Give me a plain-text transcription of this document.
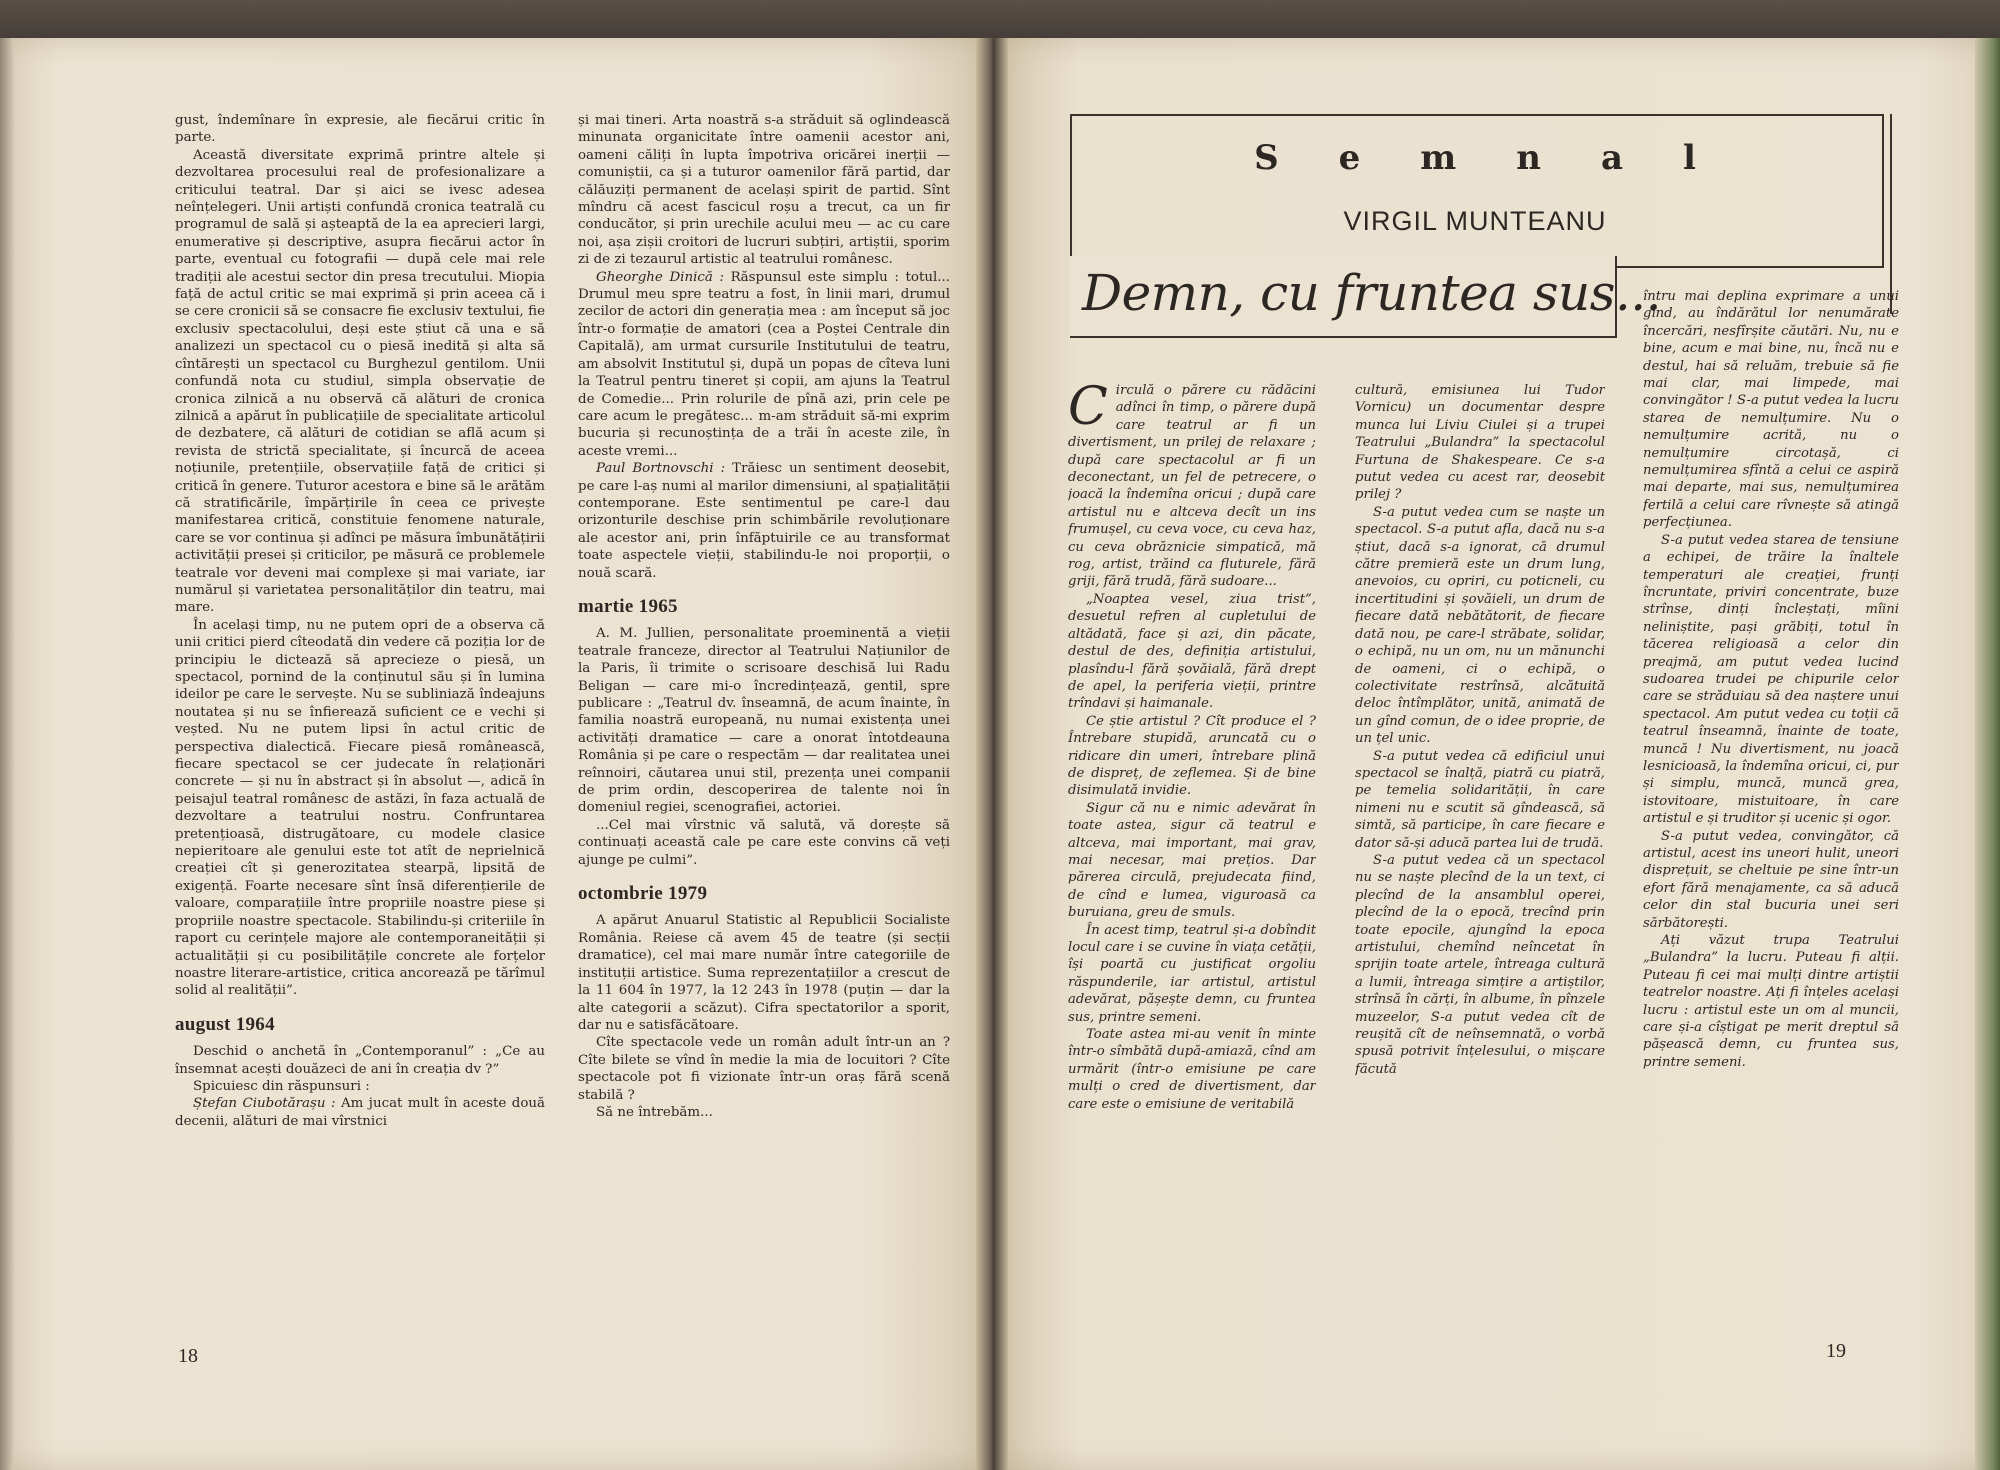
gust, îndemînare în expresie, ale fiecărui critic în parte.

Această diversitate exprimă printre altele și dezvoltarea procesului real de profesionalizare a criticului teatral. Dar și aici se ivesc adesea neînțelegeri. Unii artiști confundă cronica teatrală cu programul de sală și așteaptă de la ea aprecieri largi, enumerative și descriptive, asupra fiecărui actor în parte, eventual cu fotografii — după cele mai rele tradiții ale acestui sector din presa trecutului. Miopia față de actul critic se mai exprimă și prin aceea că i se cere cronicii să se consacre fie exclusiv textului, fie exclusiv spectacolului, deși este știut că una e să analizezi un spectacol cu o piesă inedită și alta să cîntărești un spectacol cu Burghezul gentilom. Unii confundă nota cu studiul, simpla observație de cronica zilnică a nu observă că alături de cronica zilnică a apărut în publicațiile de specialitate articolul de dezbatere, că alături de cotidian se află acum și revista de strictă specialitate, și încurcă de aceea noțiunile, pretențiile, observațiile față de critici și critică în genere. Tuturor acestora e bine să le arătăm că stratificările, împărțirile în ceea ce privește manifestarea critică, constituie fenomene naturale, care se vor continua și adînci pe măsura îmbunătățirii activității presei și criticilor, pe măsură ce problemele teatrale vor deveni mai complexe și mai variate, iar numărul și varietatea personalităților din teatru, mai mare.

În același timp, nu ne putem opri de a observa că unii critici pierd cîteodată din vedere că poziția lor de principiu le dictează să aprecieze o piesă, un spectacol, pornind de la conținutul său și în lumina ideilor pe care le servește. Nu se subliniază îndeajuns noutatea și nu se înfierează suficient ce e vechi și veșted. Nu ne putem lipsi în actul critic de perspectiva dialectică. Fiecare piesă românească, fiecare spectacol se cer judecate în relaționări concrete — și nu în abstract și în absolut —, adică în peisajul teatral românesc de astăzi, în faza actuală de dezvoltare a teatrului nostru. Confruntarea pretențioasă, distrugătoare, cu modele clasice nepieritoare ale genului este tot atît de neprielnică creației cît și generozitatea stearpă, lipsită de exigență. Foarte necesare sînt însă diferențierile de valoare, comparațiile între propriile noastre piese și propriile noastre spectacole. Stabilindu-și criteriile în raport cu cerințele majore ale contemporaneității și actualității și cu posibilitățile concrete ale forțelor noastre literare-artistice, critica ancorează pe tărîmul solid al realității”.

august 1964

Deschid o anchetă în „Contemporanul” : „Ce au însemnat acești douăzeci de ani în creația dv ?”

Spicuiesc din răspunsuri :

Ștefan Ciubotărașu : Am jucat mult în aceste două decenii, alături de mai vîrstnici

și mai tineri. Arta noastră s-a străduit să oglindească minunata organicitate între oamenii acestor ani, oameni căliți în lupta împotriva oricărei inerții — comuniștii, ca și a tuturor oamenilor fără partid, dar călăuziți permanent de același spirit de partid. Sînt mîndru că acest fascicul roșu a trecut, ca un fir conducător, și prin urechile acului meu — ac cu care noi, așa zișii croitori de lucruri subțiri, artiștii, sporim zi de zi tezaurul artistic al teatrului românesc.

Gheorghe Dinică : Răspunsul este simplu : totul... Drumul meu spre teatru a fost, în linii mari, drumul zecilor de actori din generația mea : am început să joc într-o formație de amatori (cea a Poștei Centrale din Capitală), am urmat cursurile Institutului de teatru, am absolvit Institutul și, după un popas de cîteva luni la Teatrul pentru tineret și copii, am ajuns la Teatrul de Comedie... Prin rolurile de pînă azi, prin cele pe care acum le pregătesc... m-am străduit să-mi exprim bucuria și recunoștința de a trăi în aceste zile, în aceste vremi...

Paul Bortnovschi : Trăiesc un sentiment deosebit, pe care l-aș numi al marilor dimensiuni, al spațialității contemporane. Este sentimentul pe care-l dau orizonturile deschise prin schimbările revoluționare ale acestor ani, prin înfăptuirile ce au transformat toate aspectele vieții, stabilindu-le noi proporții, o nouă scară.

martie 1965

A. M. Jullien, personalitate proeminentă a vieții teatrale franceze, director al Teatrului Națiunilor de la Paris, îi trimite o scrisoare deschisă lui Radu Beligan — care mi-o încredințează, gentil, spre publicare : „Teatrul dv. înseamnă, de acum înainte, în familia noastră europeană, nu numai existența unei activități dramatice — care a onorat întotdeauna România și pe care o respectăm — dar realitatea unei reînnoiri, căutarea unui stil, prezența unei companii de prim ordin, descoperirea de talente noi în domeniul regiei, scenografiei, actoriei.

...Cel mai vîrstnic vă salută, vă dorește să continuați această cale pe care este convins că veți ajunge pe culmi”.

octombrie 1979

A apărut Anuarul Statistic al Republicii Socialiste România. Reiese că avem 45 de teatre (și secții dramatice), cel mai mare număr între categoriile de instituții artistice. Suma reprezentațiilor a crescut de la 11 604 în 1977, la 12 243 în 1978 (puțin — dar la alte categorii a scăzut). Cifra spectatorilor a sporit, dar nu e satisfăcătoare.

Cîte spectacole vede un român adult într-un an ? Cîte bilete se vînd în medie la mia de locuitori ? Cîte spectacole pot fi vizionate într-un oraș fără scenă stabilă ?

Să ne întrebăm...

18
Semnal
VIRGIL MUNTEANU
Demn, cu fruntea sus...

Circulă o părere cu rădăcini adînci în timp, o părere după care teatrul ar fi un divertisment, un prilej de relaxare ; după care spectacolul ar fi un deconectant, un fel de petrecere, o joacă la îndemîna oricui ; după care artistul nu e altceva decît un ins frumușel, cu ceva voce, cu ceva haz, cu ceva obrăznicie simpatică, mă rog, artist, trăind ca fluturele, fără griji, fără trudă, fără sudoare...

„Noaptea vesel, ziua trist”, desuetul refren al cupletului de altădată, face și azi, din păcate, destul de des, definiția artistului, plasîndu-l fără șovăială, fără drept de apel, la periferia vieții, printre trîndavi și haimanale.

Ce știe artistul ? Cît produce el ? Întrebare stupidă, aruncată cu o ridicare din umeri, întrebare plină de dispreț, de zeflemea. Și de bine disimulată invidie.

Sigur că nu e nimic adevărat în toate astea, sigur că teatrul e altceva, mai important, mai grav, mai necesar, mai prețios. Dar părerea circulă, prejudecata fiind, de cînd e lumea, viguroasă ca buruiana, greu de smuls.

În acest timp, teatrul și-a dobîndit locul care i se cuvine în viața cetății, își poartă cu justificat orgoliu răspunderile, iar artistul, artistul adevărat, pășește demn, cu fruntea sus, printre semeni.

Toate astea mi-au venit în minte într-o sîmbătă după-amiază, cînd am urmărit (într-o emisiune pe care mulți o cred de divertisment, dar care este o emisiune de veritabilă

cultură, emisiunea lui Tudor Vornicu) un documentar despre munca lui Liviu Ciulei și a trupei Teatrului „Bulandra” la spectacolul Furtuna de Shakespeare. Ce s-a putut vedea cu acest rar, deosebit prilej ?

S-a putut vedea cum se naște un spectacol. S-a putut afla, dacă nu s-a știut, dacă s-a ignorat, că drumul către premieră este un drum lung, anevoios, cu opriri, cu poticneli, cu incertitudini și șovăieli, un drum de fiecare dată nebătătorit, de fiecare dată nou, pe care-l străbate, solidar, o echipă, nu un om, nu un mănunchi de oameni, ci o echipă, o colectivitate restrînsă, alcătuită deloc întîmplător, unită, animată de un gînd comun, de o idee proprie, de un țel unic.

S-a putut vedea că edificiul unui spectacol se înalță, piatră cu piatră, pe temelia solidarității, în care nimeni nu e scutit să gîndească, să simtă, să participe, în care fiecare e dator să-și aducă partea lui de trudă.

S-a putut vedea că un spectacol nu se naște plecînd de la un text, ci plecînd de la ansamblul operei, plecînd de la o epocă, trecînd prin toate epocile, ajungînd la epoca artistului, chemînd neîncetat în sprijin toate artele, întreaga cultură a lumii, întreaga simțire a artiștilor, strînsă în cărți, în albume, în pînzele muzeelor, S-a putut vedea cît de reușită cît de neînsemnată, o vorbă spusă potrivit înțelesului, o mișcare făcută

întru mai deplina exprimare a unui gînd, au îndărătul lor nenumărate încercări, nesfîrșite căutări. Nu, nu e bine, acum e mai bine, nu, încă nu e destul, hai să reluăm, trebuie să fie mai clar, mai limpede, mai convingător ! S-a putut vedea la lucru starea de nemulțumire. Nu o nemulțumire acrită, nu o nemulțumire circotașă, ci nemulțumirea sfîntă a celui ce aspiră mai departe, mai sus, nemulțumirea fertilă a celui care rîvnește să atingă perfecțiunea.

S-a putut vedea starea de tensiune a echipei, de trăire la înaltele temperaturi ale creației, frunți încruntate, priviri concentrate, buze strînse, dinți încleștați, mîini neliniștite, pași grăbiți, totul în tăcerea religioasă a celor din preajmă, am putut vedea lucind sudoarea trudei pe chipurile celor care se străduiau să dea naștere unui spectacol. Am putut vedea cu toții că teatrul înseamnă, înainte de toate, muncă ! Nu divertisment, nu joacă lesnicioasă, la îndemîna oricui, ci, pur și simplu, muncă, muncă grea, istovitoare, mistuitoare, în care artistul e și truditor și ucenic și ogor.

S-a putut vedea, convingător, că artistul, acest ins uneori hulit, uneori disprețuit, se cheltuie pe sine într-un efort fără menajamente, ca să aducă celor din stal bucuria unei seri sărbătorești.

Ați văzut trupa Teatrului „Bulandra” la lucru. Puteau fi alții. Puteau fi cei mai mulți dintre artiștii teatrelor noastre. Ați fi înțeles același lucru : artistul este un om al muncii, care și-a cîștigat pe merit dreptul să pășească demn, cu fruntea sus, printre semeni.

19
